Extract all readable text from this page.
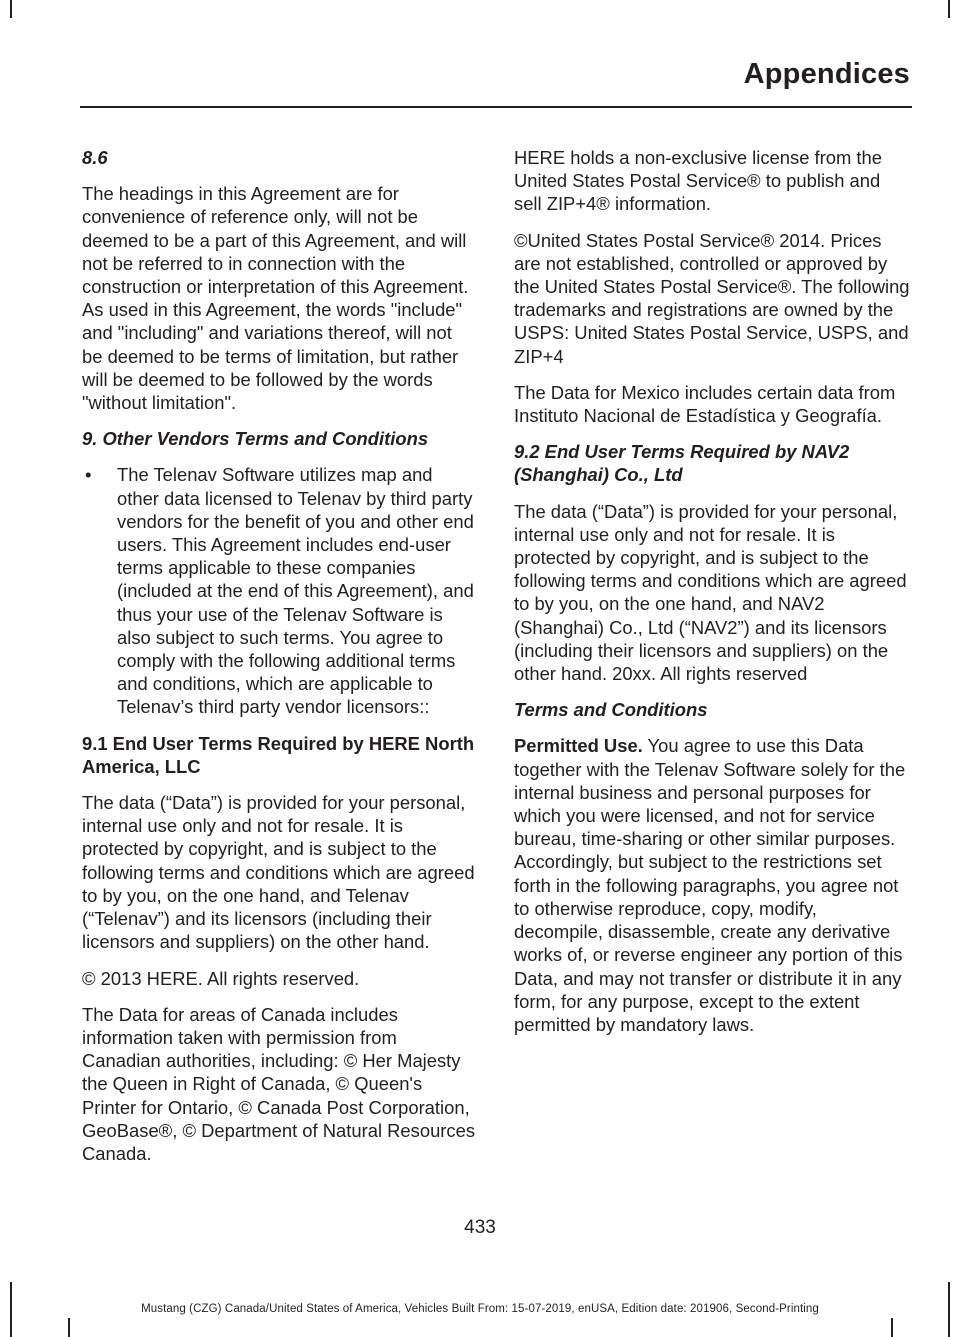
Appendices
8.6

The headings in this Agreement are for convenience of reference only, will not be deemed to be a part of this Agreement, and will not be referred to in connection with the construction or interpretation of this Agreement. As used in this Agreement, the words "include" and "including" and variations thereof, will not be deemed to be terms of limitation, but rather will be deemed to be followed by the words "without limitation".

9. Other Vendors Terms and Conditions
• The Telenav Software utilizes map and other data licensed to Telenav by third party vendors for the benefit of you and other end users. This Agreement includes end-user terms applicable to these companies (included at the end of this Agreement), and thus your use of the Telenav Software is also subject to such terms. You agree to comply with the following additional terms and conditions, which are applicable to Telenav’s third party vendor licensors::
9.1 End User Terms Required by HERE North America, LLC

The data (“Data”) is provided for your personal, internal use only and not for resale. It is protected by copyright, and is subject to the following terms and conditions which are agreed to by you, on the one hand, and Telenav (“Telenav”) and its licensors (including their licensors and suppliers) on the other hand.

© 2013 HERE. All rights reserved.

The Data for areas of Canada includes information taken with permission from Canadian authorities, including: © Her Majesty the Queen in Right of Canada, © Queen's Printer for Ontario, © Canada Post Corporation, GeoBase®, © Department of Natural Resources Canada.

HERE holds a non-exclusive license from the United States Postal Service® to publish and sell ZIP+4® information.

©United States Postal Service® 2014. Prices are not established, controlled or approved by the United States Postal Service®. The following trademarks and registrations are owned by the USPS: United States Postal Service, USPS, and ZIP+4

The Data for Mexico includes certain data from Instituto Nacional de Estadística y Geografía.

9.2 End User Terms Required by NAV2 (Shanghai) Co., Ltd

The data (“Data”) is provided for your personal, internal use only and not for resale. It is protected by copyright, and is subject to the following terms and conditions which are agreed to by you, on the one hand, and NAV2 (Shanghai) Co., Ltd (“NAV2”) and its licensors (including their licensors and suppliers) on the other hand. 20xx. All rights reserved

Terms and Conditions

Permitted Use. You agree to use this Data together with the Telenav Software solely for the internal business and personal purposes for which you were licensed, and not for service bureau, time-sharing or other similar purposes. Accordingly, but subject to the restrictions set forth in the following paragraphs, you agree not to otherwise reproduce, copy, modify, decompile, disassemble, create any derivative works of, or reverse engineer any portion of this Data, and may not transfer or distribute it in any form, for any purpose, except to the extent permitted by mandatory laws.

433
Mustang (CZG) Canada/United States of America, Vehicles Built From: 15-07-2019, enUSA, Edition date: 201906, Second-Printing
